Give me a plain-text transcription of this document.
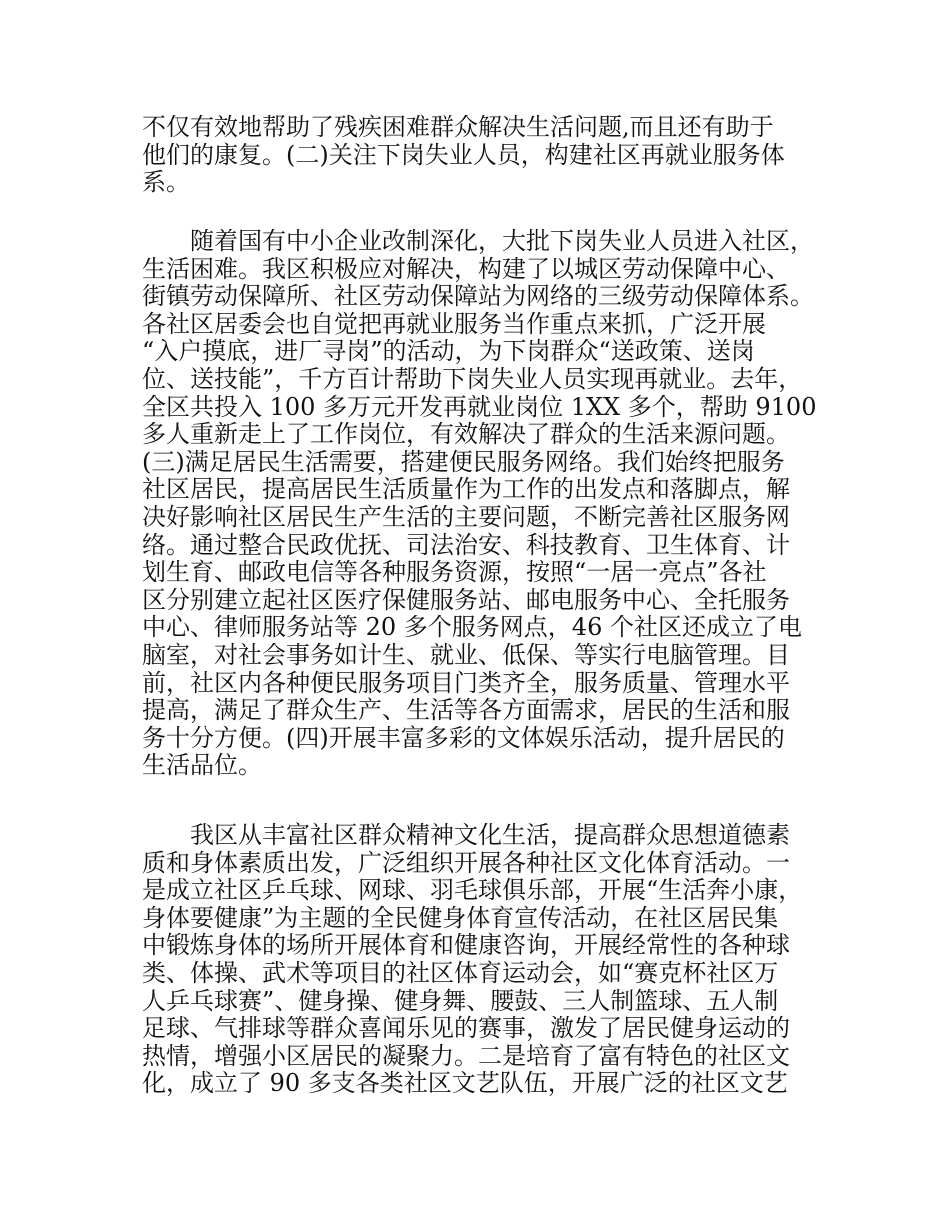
不仅有效地帮助了残疾困难群众解决生活问题,而且还有助于
他们的康复。(二)关注下岗失业人员，构建社区再就业服务体
系。
随着国有中小企业改制深化，大批下岗失业人员进入社区，
生活困难。我区积极应对解决，构建了以城区劳动保障中心、
街镇劳动保障所、社区劳动保障站为网络的三级劳动保障体系。
各社区居委会也自觉把再就业服务当作重点来抓，广泛开展
“入户摸底，进厂寻岗”的活动，为下岗群众“送政策、送岗
位、送技能”，千方百计帮助下岗失业人员实现再就业。去年，
全区共投入 100 多万元开发再就业岗位 1XX 多个，帮助 9100
多人重新走上了工作岗位，有效解决了群众的生活来源问题。
(三)满足居民生活需要，搭建便民服务网络。我们始终把服务
社区居民，提高居民生活质量作为工作的出发点和落脚点，解
决好影响社区居民生产生活的主要问题，不断完善社区服务网
络。通过整合民政优抚、司法治安、科技教育、卫生体育、计
划生育、邮政电信等各种服务资源，按照“一居一亮点”各社
区分别建立起社区医疗保健服务站、邮电服务中心、全托服务
中心、律师服务站等 20 多个服务网点，46 个社区还成立了电
脑室，对社会事务如计生、就业、低保、等实行电脑管理。目
前，社区内各种便民服务项目门类齐全，服务质量、管理水平
提高，满足了群众生产、生活等各方面需求，居民的生活和服
务十分方便。(四)开展丰富多彩的文体娱乐活动，提升居民的
生活品位。
我区从丰富社区群众精神文化生活，提高群众思想道德素
质和身体素质出发，广泛组织开展各种社区文化体育活动。一
是成立社区乒乓球、网球、羽毛球俱乐部，开展“生活奔小康，
身体要健康”为主题的全民健身体育宣传活动，在社区居民集
中锻炼身体的场所开展体育和健康咨询，开展经常性的各种球
类、体操、武术等项目的社区体育运动会，如“赛克杯社区万
人乒乓球赛”、健身操、健身舞、腰鼓、三人制篮球、五人制
足球、气排球等群众喜闻乐见的赛事，激发了居民健身运动的
热情，增强小区居民的凝聚力。二是培育了富有特色的社区文
化，成立了 90 多支各类社区文艺队伍，开展广泛的社区文艺
